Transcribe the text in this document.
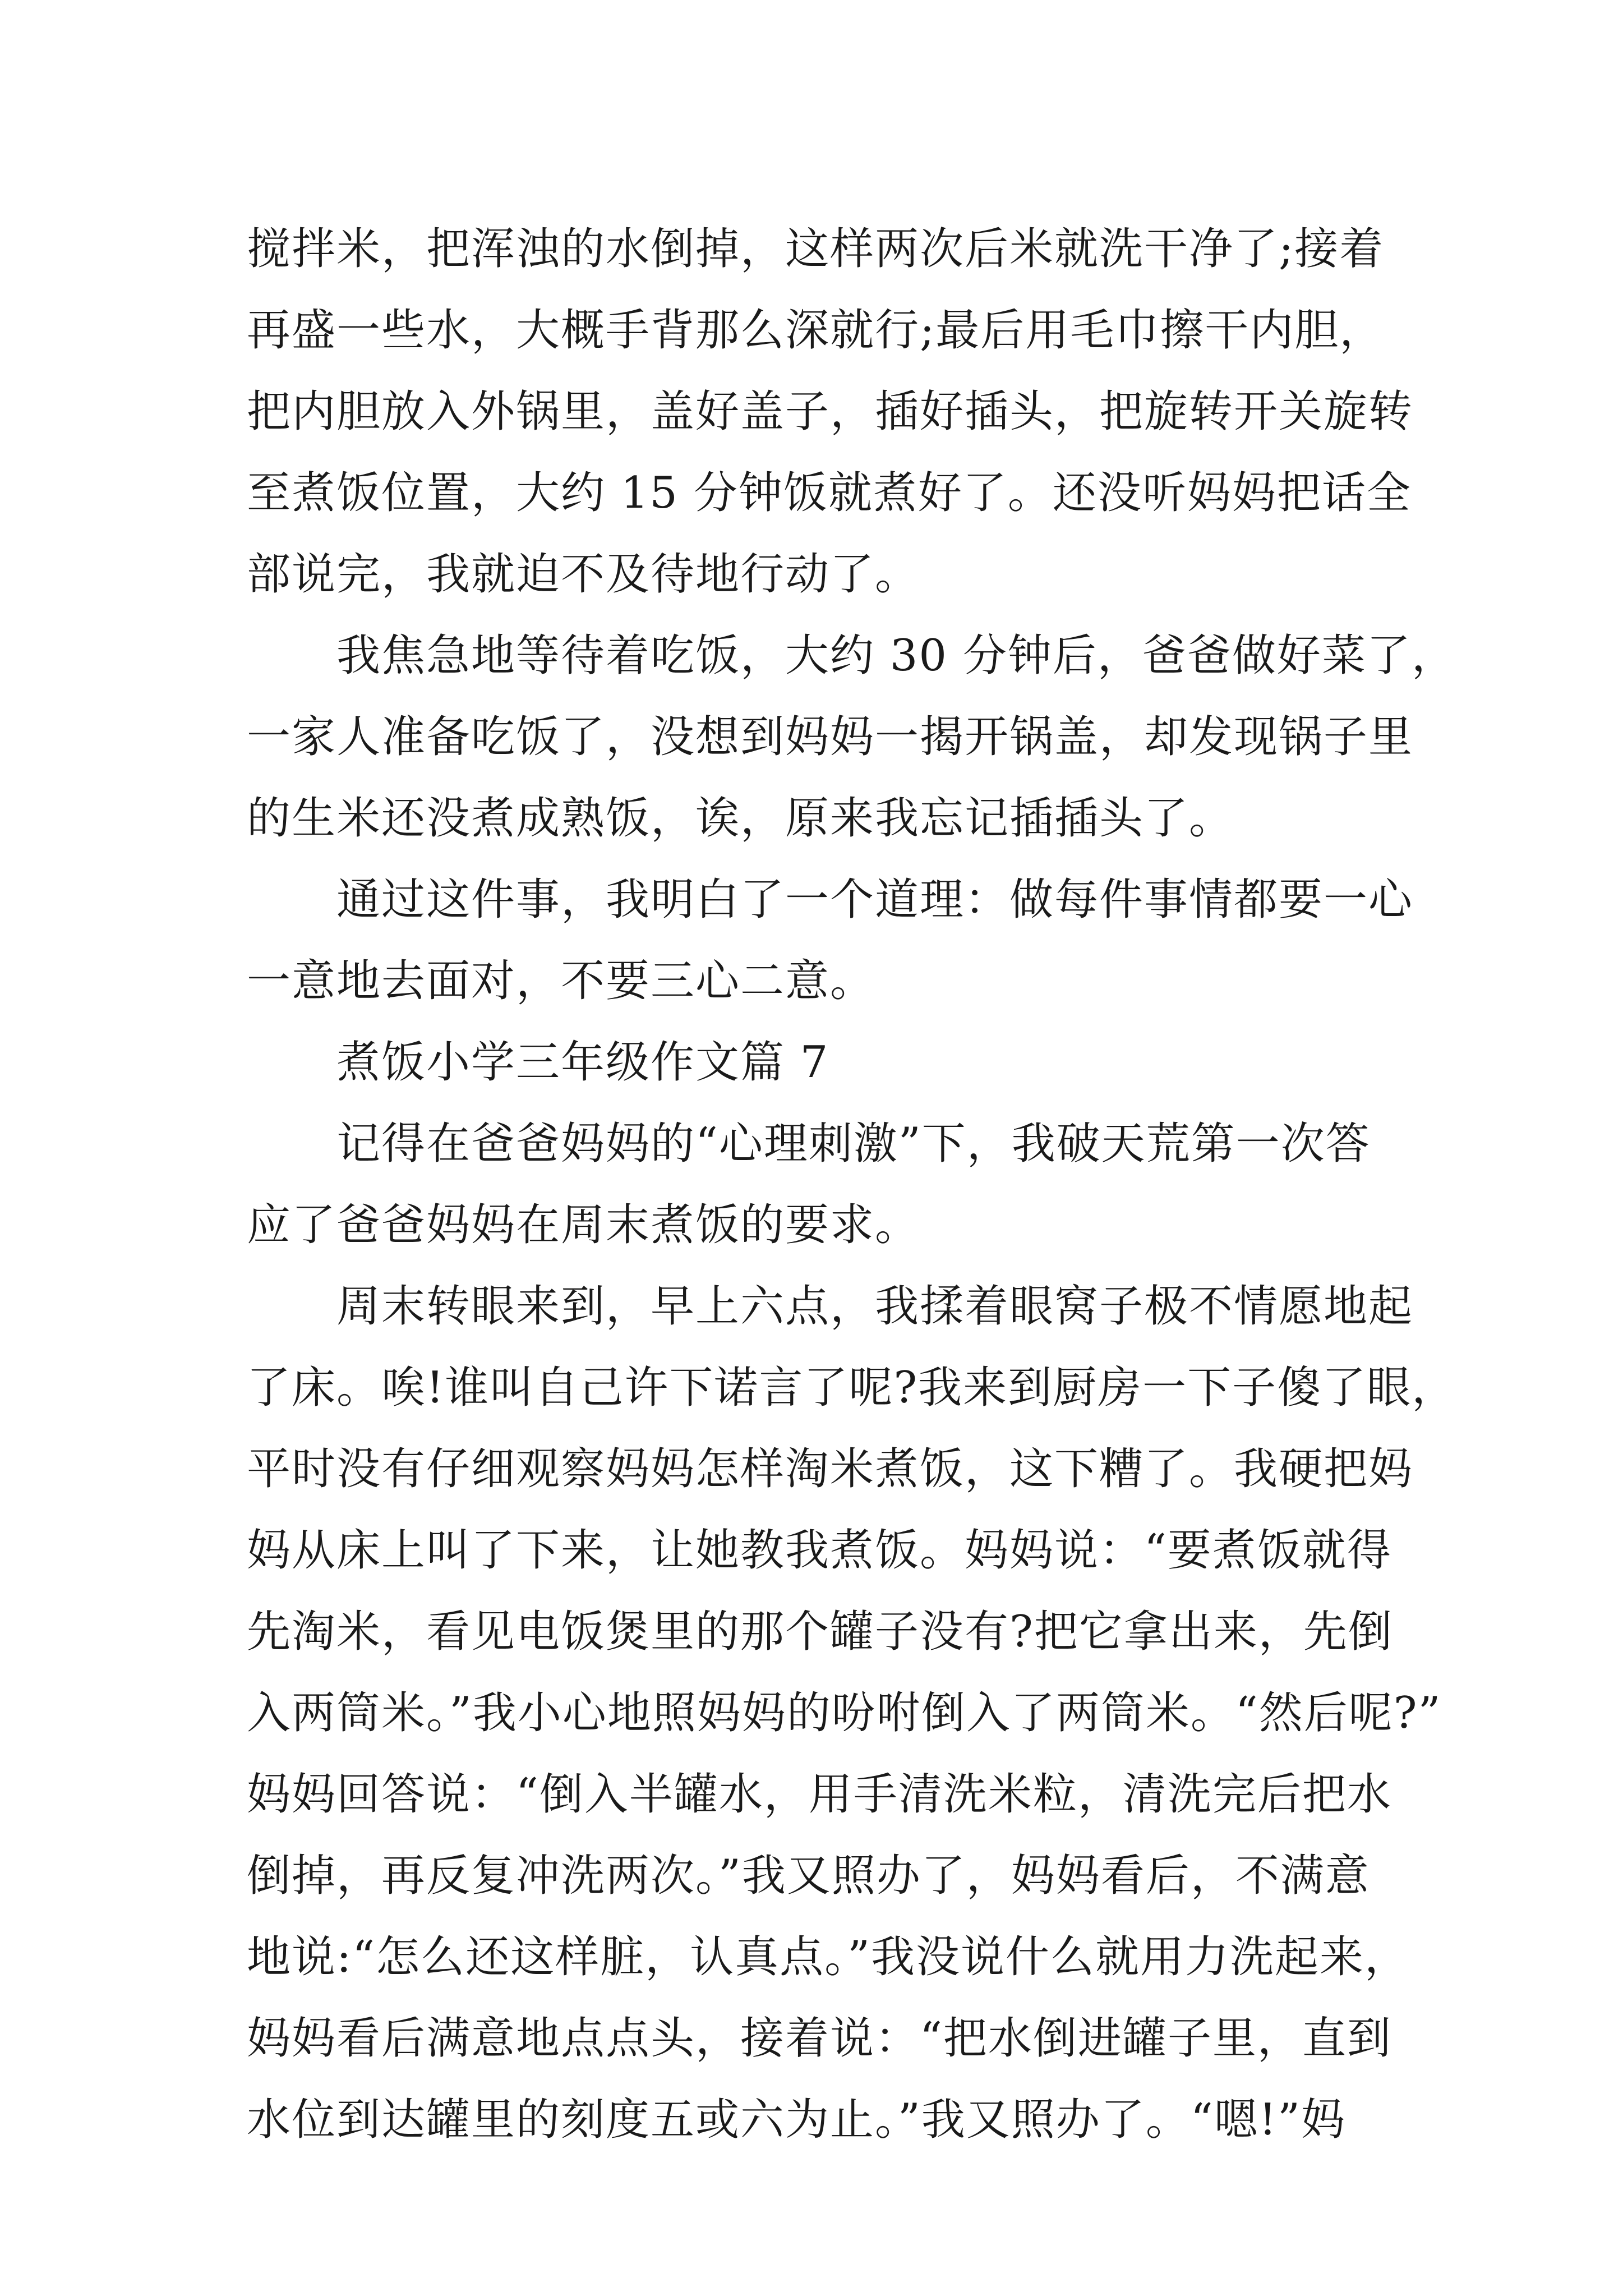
搅拌米，把浑浊的水倒掉，这样两次后米就洗干净了;接着
再盛一些水，大概手背那么深就行;最后用毛巾擦干内胆，
把内胆放入外锅里，盖好盖子，插好插头，把旋转开关旋转
至煮饭位置，大约 15 分钟饭就煮好了。还没听妈妈把话全
部说完，我就迫不及待地行动了。
我焦急地等待着吃饭，大约 30 分钟后，爸爸做好菜了，
一家人准备吃饭了，没想到妈妈一揭开锅盖，却发现锅子里
的生米还没煮成熟饭，诶，原来我忘记插插头了。
通过这件事，我明白了一个道理：做每件事情都要一心
一意地去面对，不要三心二意。
煮饭小学三年级作文篇 7
记得在爸爸妈妈的“心理刺激”下，我破天荒第一次答
应了爸爸妈妈在周末煮饭的要求。
周末转眼来到，早上六点，我揉着眼窝子极不情愿地起
了床。唉!谁叫自己许下诺言了呢?我来到厨房一下子傻了眼，
平时没有仔细观察妈妈怎样淘米煮饭，这下糟了。我硬把妈
妈从床上叫了下来，让她教我煮饭。妈妈说：“要煮饭就得
先淘米，看见电饭煲里的那个罐子没有?把它拿出来，先倒
入两筒米。”我小心地照妈妈的吩咐倒入了两筒米。“然后呢?”
妈妈回答说：“倒入半罐水，用手清洗米粒，清洗完后把水
倒掉，再反复冲洗两次。”我又照办了，妈妈看后，不满意
地说:“怎么还这样脏，认真点。”我没说什么就用力洗起来，
妈妈看后满意地点点头，接着说：“把水倒进罐子里，直到
水位到达罐里的刻度五或六为止。”我又照办了。“嗯!”妈
